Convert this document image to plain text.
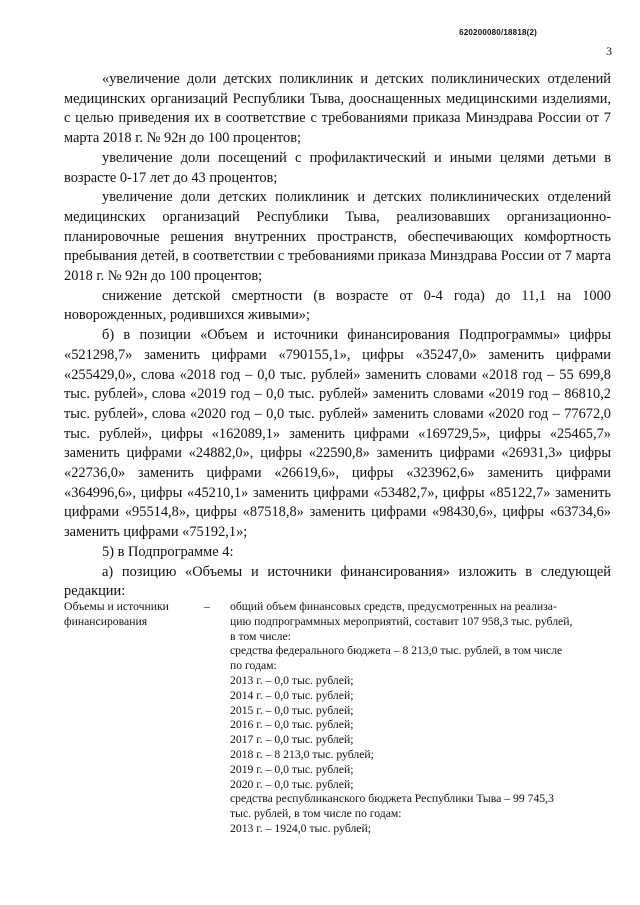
620200080/18818(2)
3

«увеличение доли детских поликлиник и детских поликлинических отделений медицинских организаций Республики Тыва, дооснащенных медицинскими изделиями, с целью приведения их в соответствие с требованиями приказа Минздрава России от 7 марта 2018 г. № 92н до 100 процентов;

увеличение доли посещений с профилактический и иными целями детьми в возрасте 0-17 лет до 43 процентов;

увеличение доли детских поликлиник и детских поликлинических отделений медицинских организаций Республики Тыва, реализовавших организационно-планировочные решения внутренних пространств, обеспечивающих комфортность пребывания детей, в соответствии с требованиями приказа Минздрава России от 7 марта 2018 г. № 92н до 100 процентов;

снижение детской смертности (в возрасте от 0-4 года) до 11,1 на 1000 новорожденных, родившихся живыми»;

б) в позиции «Объем и источники финансирования Подпрограммы» цифры «521298,7» заменить цифрами «790155,1», цифры «35247,0» заменить цифрами «255429,0», слова «2018 год – 0,0 тыс. рублей» заменить словами «2018 год – 55 699,8 тыс. рублей», слова «2019 год – 0,0 тыс. рублей» заменить словами «2019 год – 86810,2 тыс. рублей», слова «2020 год – 0,0 тыс. рублей» заменить словами «2020 год – 77672,0 тыс. рублей», цифры «162089,1» заменить цифрами «169729,5», цифры «25465,7» заменить цифрами «24882,0», цифры «22590,8» заменить цифрами «26931,3» цифры «22736,0» заменить цифрами «26619,6», цифры «323962,6» заменить цифрами «364996,6», цифры «45210,1» заменить цифрами «53482,7», цифры «85122,7» заменить цифрами «95514,8», цифры «87518,8» заменить цифрами «98430,6», цифры «63734,6» заменить цифрами «75192,1»;

5) в Подпрограмме 4:

а) позицию «Объемы и источники финансирования» изложить в следующей редакции:

Объемы и источники
финансирования
–	общий объем финансовых средств, предусмотренных на реализа-
цию подпрограммных мероприятий, составит 107 958,3 тыс. рублей,
в том числе:
средства федерального бюджета – 8 213,0 тыс. рублей, в том числе
по годам:
2013 г. – 0,0 тыс. рублей;
2014 г. – 0,0 тыс. рублей;
2015 г. – 0,0 тыс. рублей;
2016 г. – 0,0 тыс. рублей;
2017 г. – 0,0 тыс. рублей;
2018 г. – 8 213,0 тыс. рублей;
2019 г. – 0,0 тыс. рублей;
2020 г. – 0,0 тыс. рублей;
средства республиканского бюджета Республики Тыва – 99 745,3
тыс. рублей, в том числе по годам:
2013 г. – 1924,0 тыс. рублей;
